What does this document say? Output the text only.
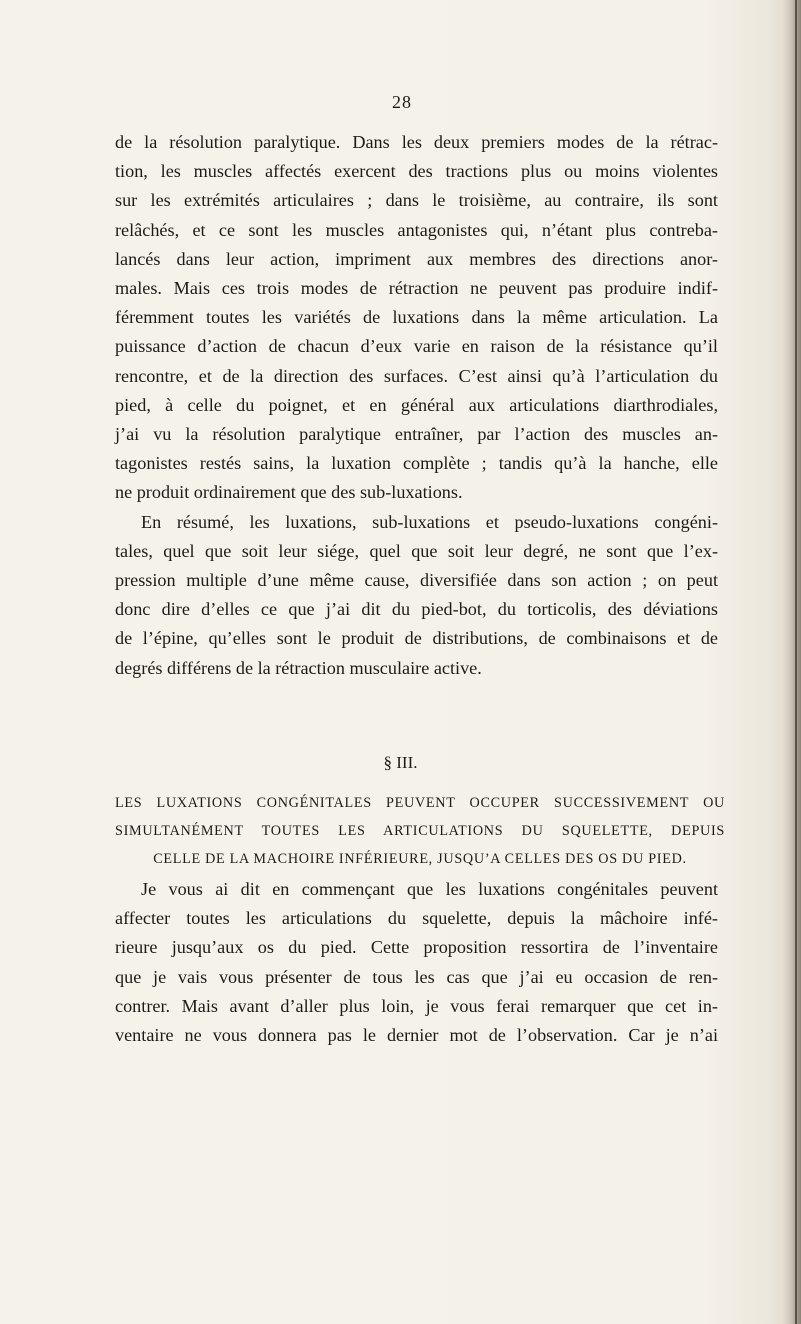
28
de la résolution paralytique. Dans les deux premiers modes de la rétrac-
tion, les muscles affectés exercent des tractions plus ou moins violentes
sur les extrémités articulaires ; dans le troisième, au contraire, ils sont
relâchés, et ce sont les muscles antagonistes qui, n’étant plus contreba-
lancés dans leur action, impriment aux membres des directions anor-
males. Mais ces trois modes de rétraction ne peuvent pas produire indif-
féremment toutes les variétés de luxations dans la même articulation. La
puissance d’action de chacun d’eux varie en raison de la résistance qu’il
rencontre, et de la direction des surfaces. C’est ainsi qu’à l’articulation du
pied, à celle du poignet, et en général aux articulations diarthrodiales,
j’ai vu la résolution paralytique entraîner, par l’action des muscles an-
tagonistes restés sains, la luxation complète ; tandis qu’à la hanche, elle
ne produit ordinairement que des sub-luxations.
En résumé, les luxations, sub-luxations et pseudo-luxations congéni-
tales, quel que soit leur siége, quel que soit leur degré, ne sont que l’ex-
pression multiple d’une même cause, diversifiée dans son action ; on peut
donc dire d’elles ce que j’ai dit du pied-bot, du torticolis, des déviations
de l’épine, qu’elles sont le produit de distributions, de combinaisons et de
degrés différens de la rétraction musculaire active.
§ III.
LES LUXATIONS CONGÉNITALES PEUVENT OCCUPER SUCCESSIVEMENT OU
SIMULTANÉMENT TOUTES LES ARTICULATIONS DU SQUELETTE, DEPUIS
CELLE DE LA MACHOIRE INFÉRIEURE, JUSQU’A CELLES DES OS DU PIED.
Je vous ai dit en commençant que les luxations congénitales peuvent
affecter toutes les articulations du squelette, depuis la mâchoire infé-
rieure jusqu’aux os du pied. Cette proposition ressortira de l’inventaire
que je vais vous présenter de tous les cas que j’ai eu occasion de ren-
contrer. Mais avant d’aller plus loin, je vous ferai remarquer que cet in-
ventaire ne vous donnera pas le dernier mot de l’observation. Car je n’ai
